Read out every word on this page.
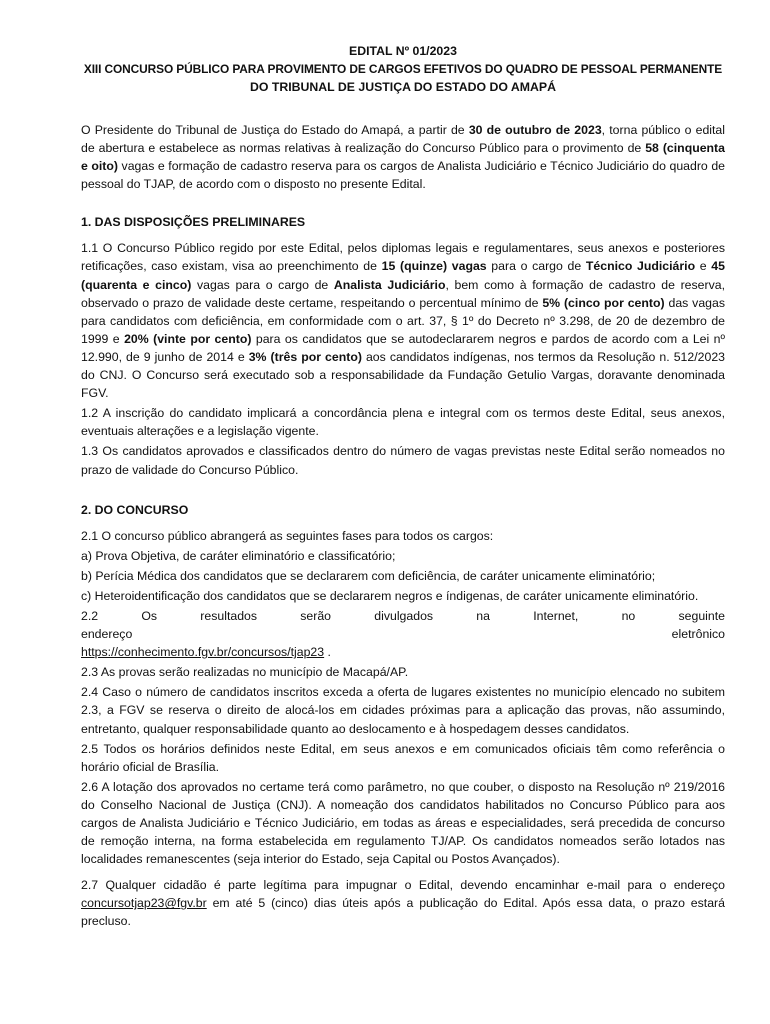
EDITAL Nº 01/2023

XIII CONCURSO PÚBLICO PARA PROVIMENTO DE CARGOS EFETIVOS DO QUADRO DE PESSOAL PERMANENTE

DO TRIBUNAL DE JUSTIÇA DO ESTADO DO AMAPÁ

O Presidente do Tribunal de Justiça do Estado do Amapá, a partir de 30 de outubro de 2023, torna público o edital de abertura e estabelece as normas relativas à realização do Concurso Público para o provimento de 58 (cinquenta e oito) vagas e formação de cadastro reserva para os cargos de Analista Judiciário e Técnico Judiciário do quadro de pessoal do TJAP, de acordo com o disposto no presente Edital.

1. DAS DISPOSIÇÕES PRELIMINARES

1.1 O Concurso Público regido por este Edital, pelos diplomas legais e regulamentares, seus anexos e posteriores retificações, caso existam, visa ao preenchimento de 15 (quinze) vagas para o cargo de Técnico Judiciário e 45 (quarenta e cinco) vagas para o cargo de Analista Judiciário, bem como à formação de cadastro de reserva, observado o prazo de validade deste certame, respeitando o percentual mínimo de 5% (cinco por cento) das vagas para candidatos com deficiência, em conformidade com o art. 37, § 1º do Decreto nº 3.298, de 20 de dezembro de 1999 e 20% (vinte por cento) para os candidatos que se autodeclararem negros e pardos de acordo com a Lei nº 12.990, de 9 junho de 2014 e 3% (três por cento) aos candidatos indígenas, nos termos da Resolução n. 512/2023 do CNJ. O Concurso será executado sob a responsabilidade da Fundação Getulio Vargas, doravante denominada FGV.

1.2 A inscrição do candidato implicará a concordância plena e integral com os termos deste Edital, seus anexos, eventuais alterações e a legislação vigente.

1.3 Os candidatos aprovados e classificados dentro do número de vagas previstas neste Edital serão nomeados no prazo de validade do Concurso Público.

2. DO CONCURSO

2.1 O concurso público abrangerá as seguintes fases para todos os cargos:

a) Prova Objetiva, de caráter eliminatório e classificatório;

b) Perícia Médica dos candidatos que se declararem com deficiência, de caráter unicamente eliminatório;

c) Heteroidentificação dos candidatos que se declararem negros e índigenas, de caráter unicamente eliminatório.

2.2 Os resultados serão divulgados na Internet, no seguinte endereço eletrônico

https://conhecimento.fgv.br/concursos/tjap23 .

2.3 As provas serão realizadas no município de Macapá/AP.

2.4 Caso o número de candidatos inscritos exceda a oferta de lugares existentes no município elencado no subitem 2.3, a FGV se reserva o direito de alocá-los em cidades próximas para a aplicação das provas, não assumindo, entretanto, qualquer responsabilidade quanto ao deslocamento e à hospedagem desses candidatos.

2.5 Todos os horários definidos neste Edital, em seus anexos e em comunicados oficiais têm como referência o horário oficial de Brasília.

2.6 A lotação dos aprovados no certame terá como parâmetro, no que couber, o disposto na Resolução nº 219/2016 do Conselho Nacional de Justiça (CNJ). A nomeação dos candidatos habilitados no Concurso Público para aos cargos de Analista Judiciário e Técnico Judiciário, em todas as áreas e especialidades, será precedida de concurso de remoção interna, na forma estabelecida em regulamento TJ/AP. Os candidatos nomeados serão lotados nas localidades remanescentes (seja interior do Estado, seja Capital ou Postos Avançados).

2.7 Qualquer cidadão é parte legítima para impugnar o Edital, devendo encaminhar e-mail para o endereço concursotjap23@fgv.br em até 5 (cinco) dias úteis após a publicação do Edital. Após essa data, o prazo estará precluso.
